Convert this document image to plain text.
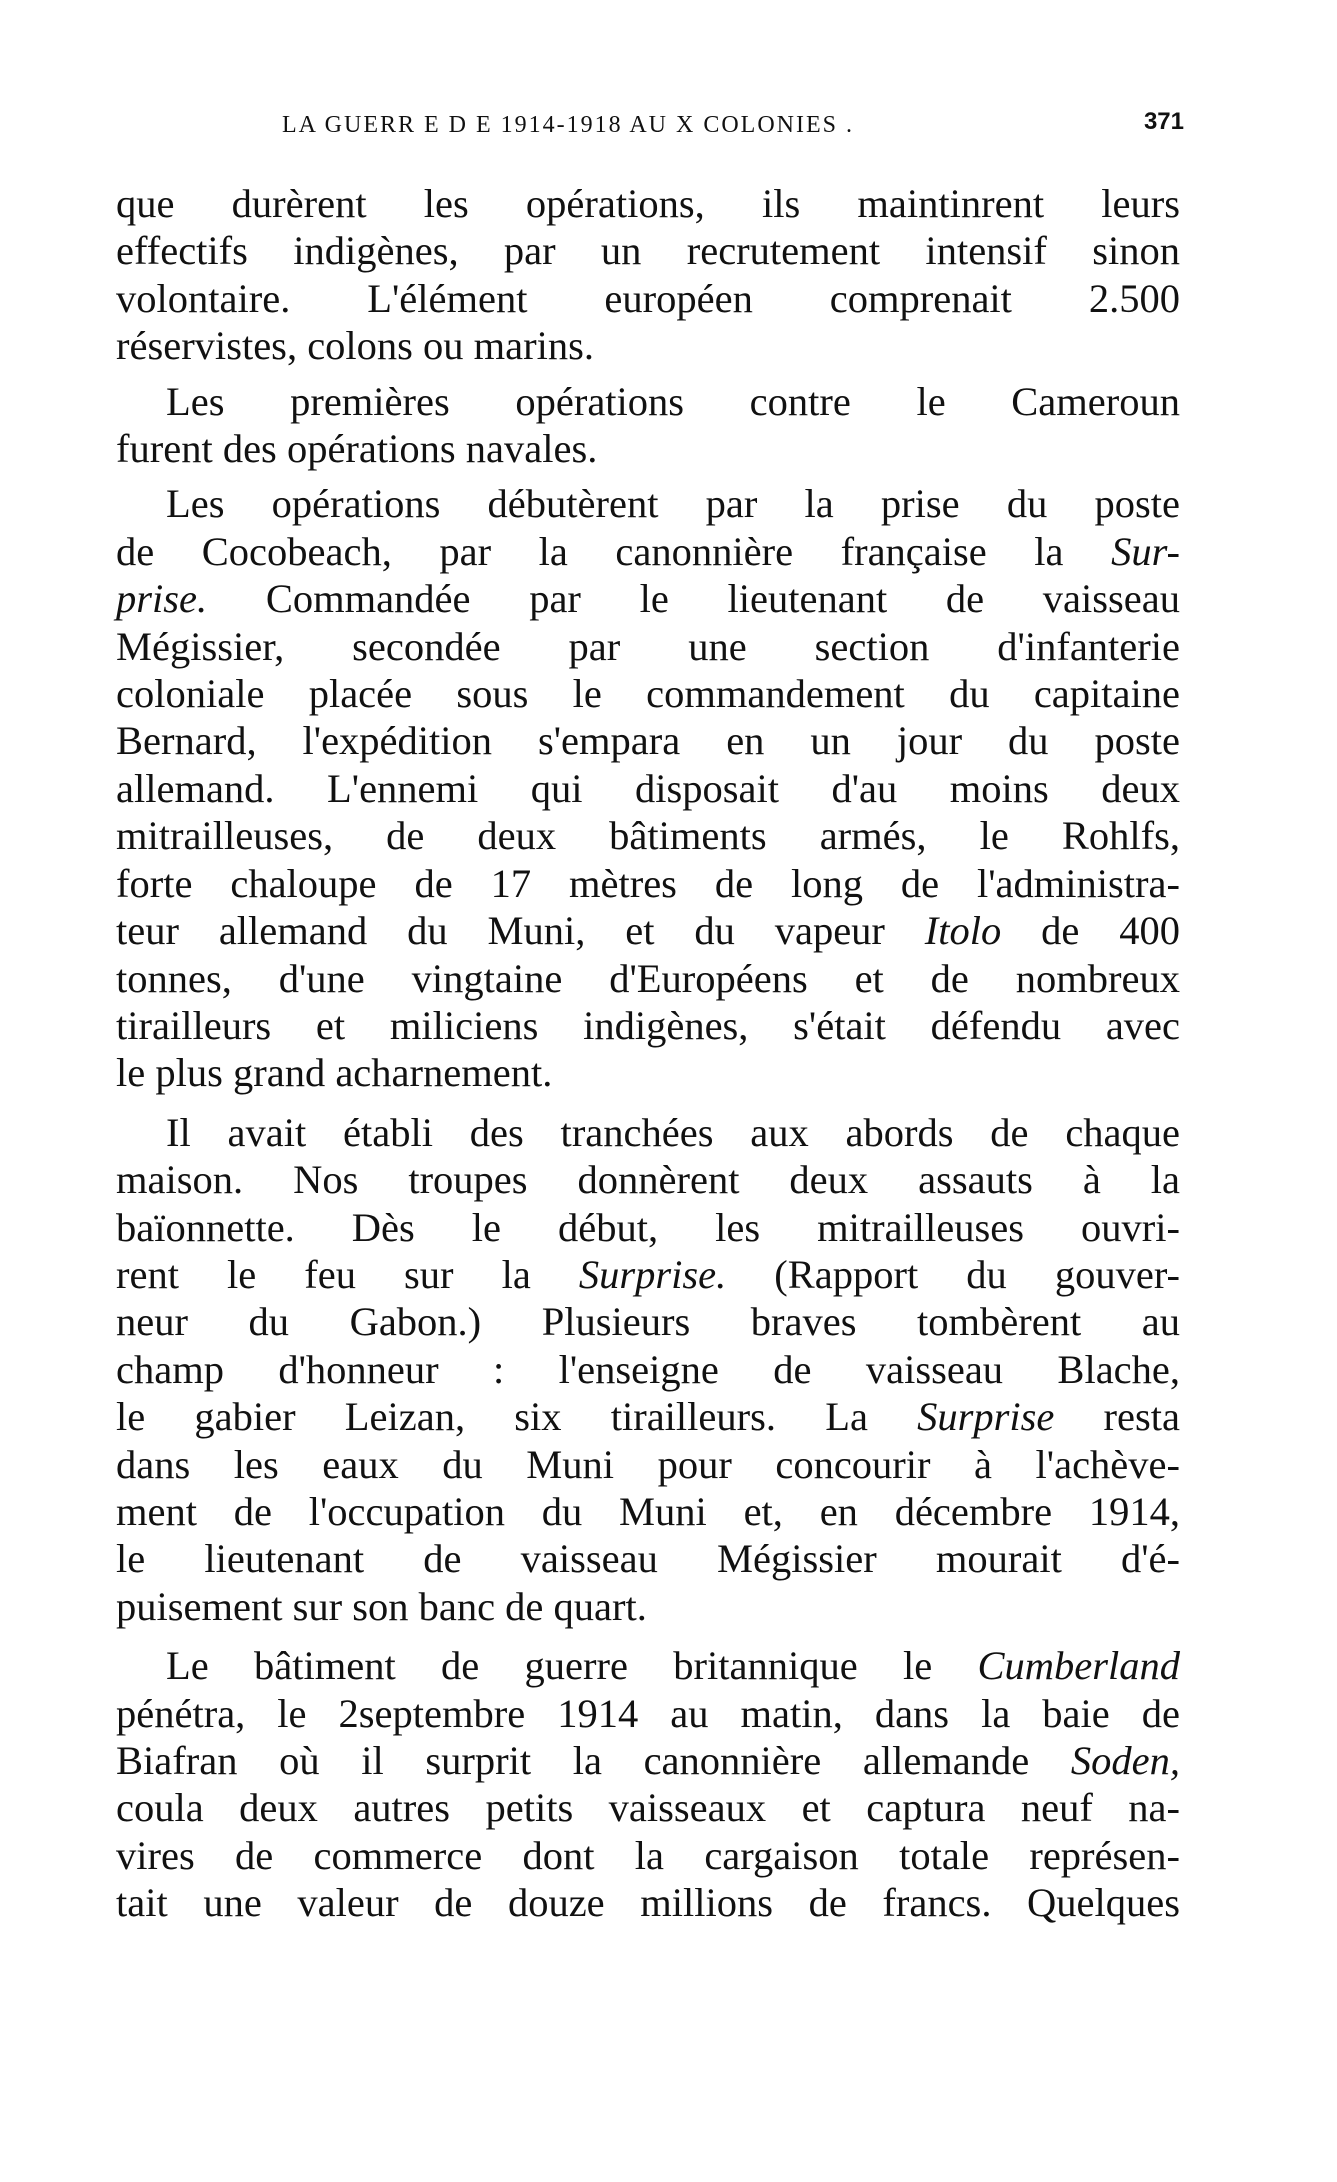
LA GUERR E D E 1914-1918 AU X COLONIES .	371
que durèrent les opérations, ils maintinrent leurs
effectifs indigènes, par un recrutement intensif sinon
volontaire. L'élément européen comprenait 2.500
réservistes, colons ou marins.
Les premières opérations contre le Cameroun
furent des opérations navales.
Les opérations débutèrent par la prise du poste
de Cocobeach, par la canonnière française la Sur-
prise. Commandée par le lieutenant de vaisseau
Mégissier, secondée par une section d'infanterie
coloniale placée sous le commandement du capitaine
Bernard, l'expédition s'empara en un jour du poste
allemand. L'ennemi qui disposait d'au moins deux
mitrailleuses, de deux bâtiments armés, le Rohlfs,
forte chaloupe de 17 mètres de long de l'administra-
teur allemand du Muni, et du vapeur Itolo de 400
tonnes, d'une vingtaine d'Européens et de nombreux
tirailleurs et miliciens indigènes, s'était défendu avec
le plus grand acharnement.
Il avait établi des tranchées aux abords de chaque
maison. Nos troupes donnèrent deux assauts à la
baïonnette. Dès le début, les mitrailleuses ouvri-
rent le feu sur la Surprise. (Rapport du gouver-
neur du Gabon.) Plusieurs braves tombèrent au
champ d'honneur : l'enseigne de vaisseau Blache,
le gabier Leizan, six tirailleurs. La Surprise resta
dans les eaux du Muni pour concourir à l'achève-
ment de l'occupation du Muni et, en décembre 1914,
le lieutenant de vaisseau Mégissier mourait d'é-
puisement sur son banc de quart.
Le bâtiment de guerre britannique le Cumberland
pénétra, le 2septembre 1914 au matin, dans la baie de
Biafran où il surprit la canonnière allemande Soden,
coula deux autres petits vaisseaux et captura neuf na-
vires de commerce dont la cargaison totale représen-
tait une valeur de douze millions de francs. Quelques
